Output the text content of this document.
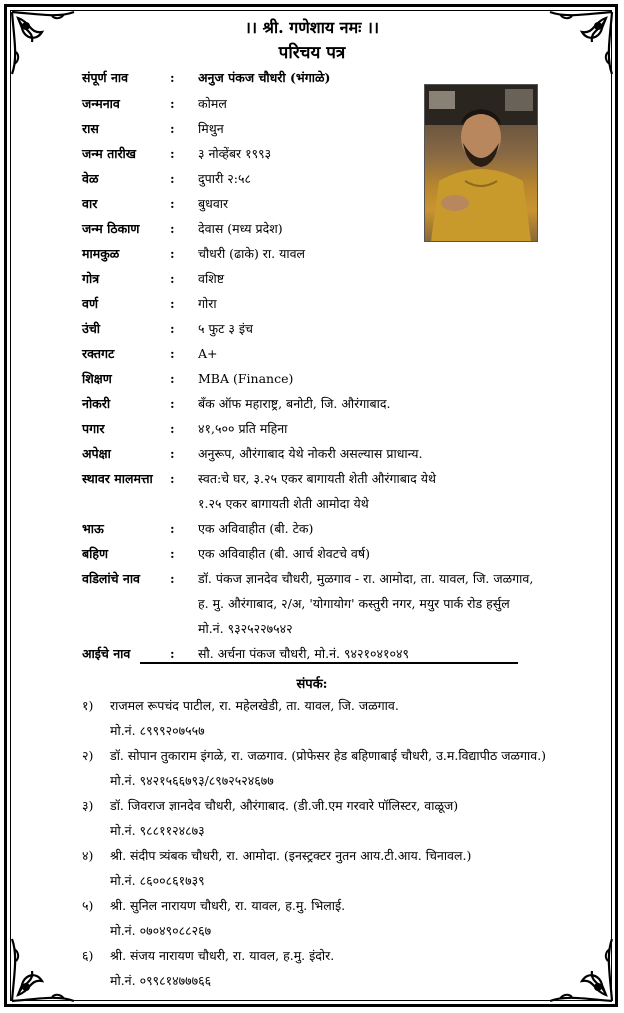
।। श्री. गणेशाय नमः ।।
परिचय पत्र
संपूर्ण नाव	: अनुज पंकज चौधरी (भंगाळे)
जन्मनाव	: कोमल
रास	: मिथुन
जन्म तारीख	: ३ नोव्हेंबर १९९३
वेळ	: दुपारी २:५८
वार	: बुधवार
जन्म ठिकाण : देवास (मध्य प्रदेश)
मामकुळ	: चौधरी (ढाके) रा. यावल
गोत्र	: वशिष्ट
वर्ण	: गोरा
उंची	: ५ फुट ३ इंच
रक्तगट	: A+
शिक्षण	: MBA (Finance)
नोकरी	: बँक ऑफ महाराष्ट्र, बनोटी, जि. औरंगाबाद.
पगार	: ४१,५०० प्रति महिना
अपेक्षा	: अनुरूप, औरंगाबाद येथे नोकरी असल्यास प्राधान्य.
स्थावर मालमत्ता : स्वत:चे घर, ३.२५ एकर बागायती शेती औरंगाबाद येथे
१.२५ एकर बागायती शेती आमोदा येथे
भाऊ	: एक अविवाहीत (बी. टेक)
बहिण	: एक अविवाहीत (बी. आर्च शेवटचे वर्ष)
वडिलांचे नाव : डॉ. पंकज ज्ञानदेव चौधरी, मुळगाव - रा. आमोदा, ता. यावल, जि. जळगाव,
ह. मु. औरंगाबाद, २/अ, 'योगायोग' कस्तुरी नगर, मयुर पार्क रोड हर्सुल
मो.नं. ९३२५२२७५४२
आईचे नाव	: सौ. अर्चना पंकज चौधरी, मो.नं. ९४२१०४१०४९
संपर्क:
१) राजमल रूपचंद पाटील, रा. महेलखेडी, ता. यावल, जि. जळगाव.
मो.नं. ८९९९२०७५५७
२) डॉ. सोपान तुकाराम इंगळे, रा. जळगाव. (प्रोफेसर हेड बहिणाबाई चौधरी, उ.म.विद्यापीठ जळगाव.)
मो.नं. ९४२१५६६७९३/८९७२५२४६७७
३) डॉ. जिवराज ज्ञानदेव चौधरी, औरंगाबाद. (डी.जी.एम गरवारे पॉलिस्टर, वाळूज)
मो.नं. ९८८११२४८७३
४) श्री. संदीप त्र्यंबक चौधरी, रा. आमोदा. (इनस्ट्रक्टर नुतन आय.टी.आय. चिनावल.)
मो.नं. ८६००८६१७३९
५) श्री. सुनिल नारायण चौधरी, रा. यावल, ह.मु. भिलाई.
मो.नं. ०७०४९०८८२६७
६) श्री. संजय नारायण चौधरी, रा. यावल, ह.मु. इंदोर.
मो.नं. ०९९८१४७७७६६
